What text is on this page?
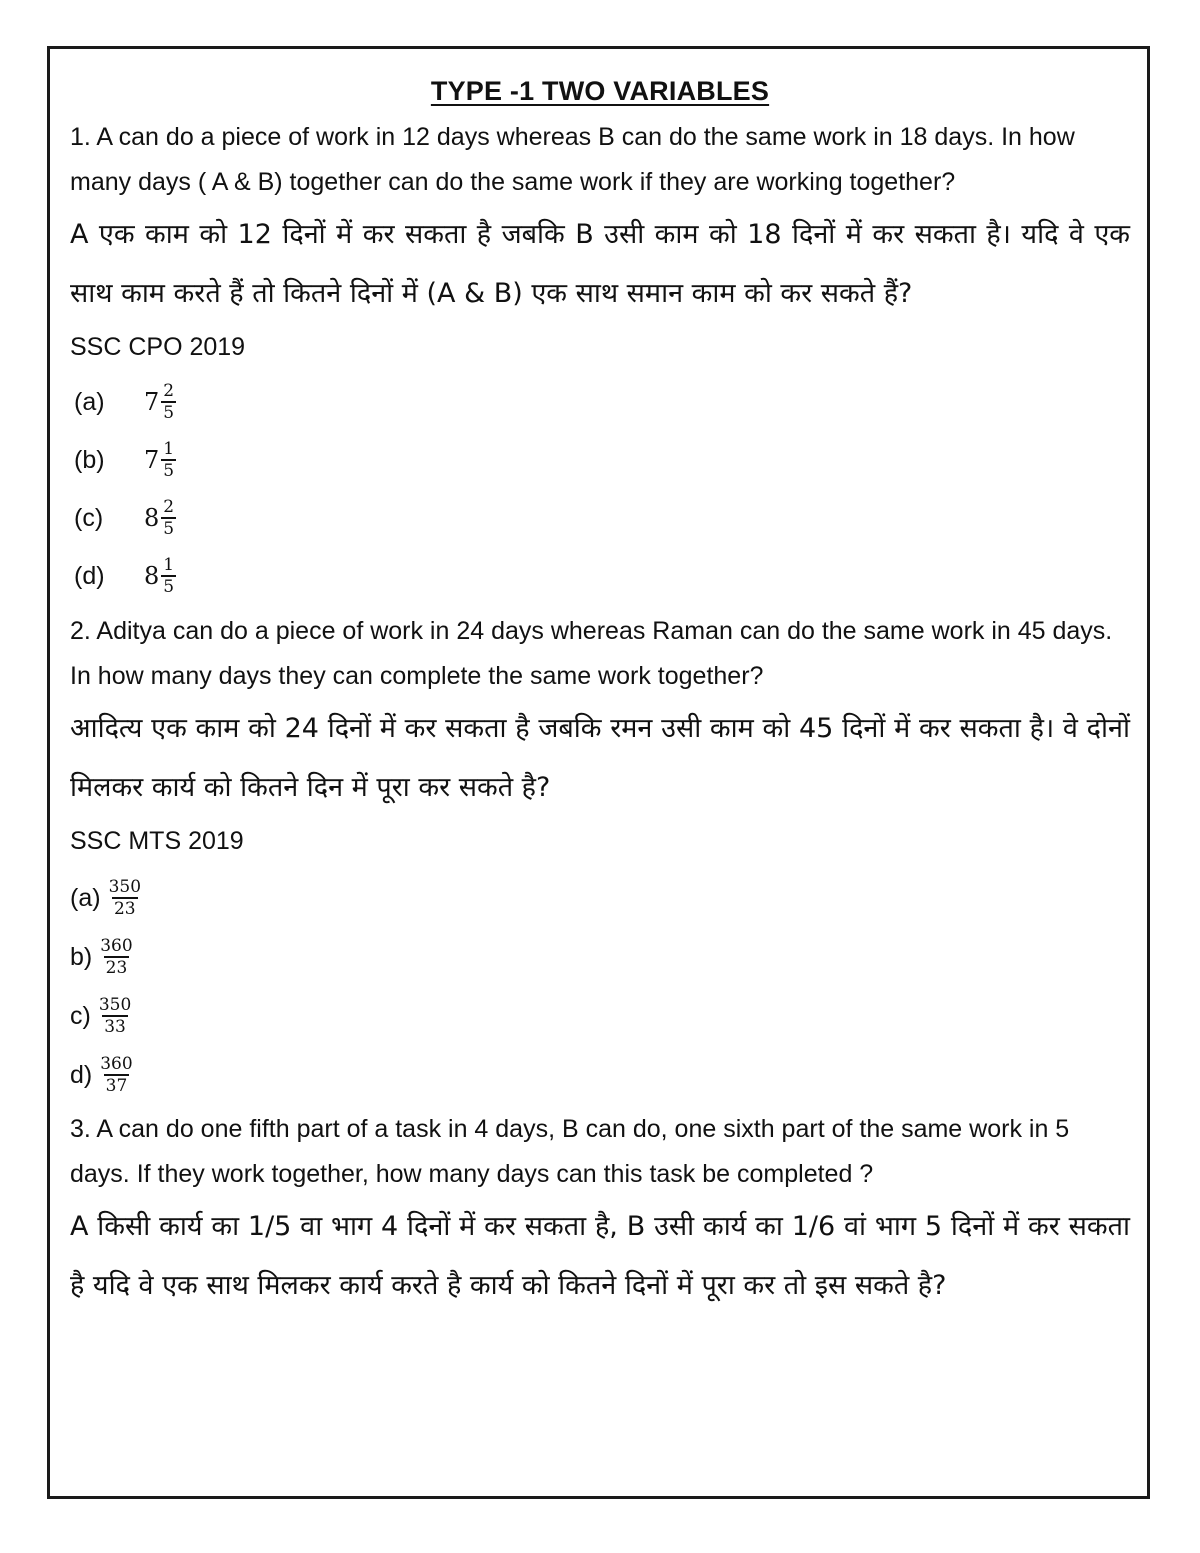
TYPE -1 TWO VARIABLES

1. A can do a piece of work in 12 days whereas B can do the same work in 18 days. In how many days ( A & B) together can do the same work if they are working together?

A एक काम को 12 दिनों में कर सकता है जबकि B उसी काम को 18 दिनों में कर सकता है। यदि वे एक साथ काम करते हैं तो कितने दिनों में (A & B) एक साथ समान काम को कर सकते हैं?

SSC CPO 2019

(a)	$7 \frac{2}{5}$
(b)	$7 \frac{1}{5}$
(c)	$8 \frac{2}{5}$
(d)	$8 \frac{1}{5}$

2. Aditya can do a piece of work in 24 days whereas Raman can do the same work in 45 days. In how many days they can complete the same work together?

आदित्य एक काम को 24 दिनों में कर सकता है जबकि रमन उसी काम को 45 दिनों में कर सकता है। वे दोनों मिलकर कार्य को कितने दिन में पूरा कर सकते है?

SSC MTS 2019

$(a) \frac{350}{23}$
$b) \frac{360}{23}$
$c) \frac{350}{33}$
$d) \frac{360}{37}$

3. A can do one fifth part of a task in 4 days, B can do, one sixth part of the same work in 5 days. If they work together, how many days can this task be completed ?

A किसी कार्य का 1/5 वा भाग 4 दिनों में कर सकता है, B उसी कार्य का 1/6 वां भाग 5 दिनों में कर सकता है यदि वे एक साथ मिलकर कार्य करते है कार्य को कितने दिनों में पूरा कर तो इस सकते है?
